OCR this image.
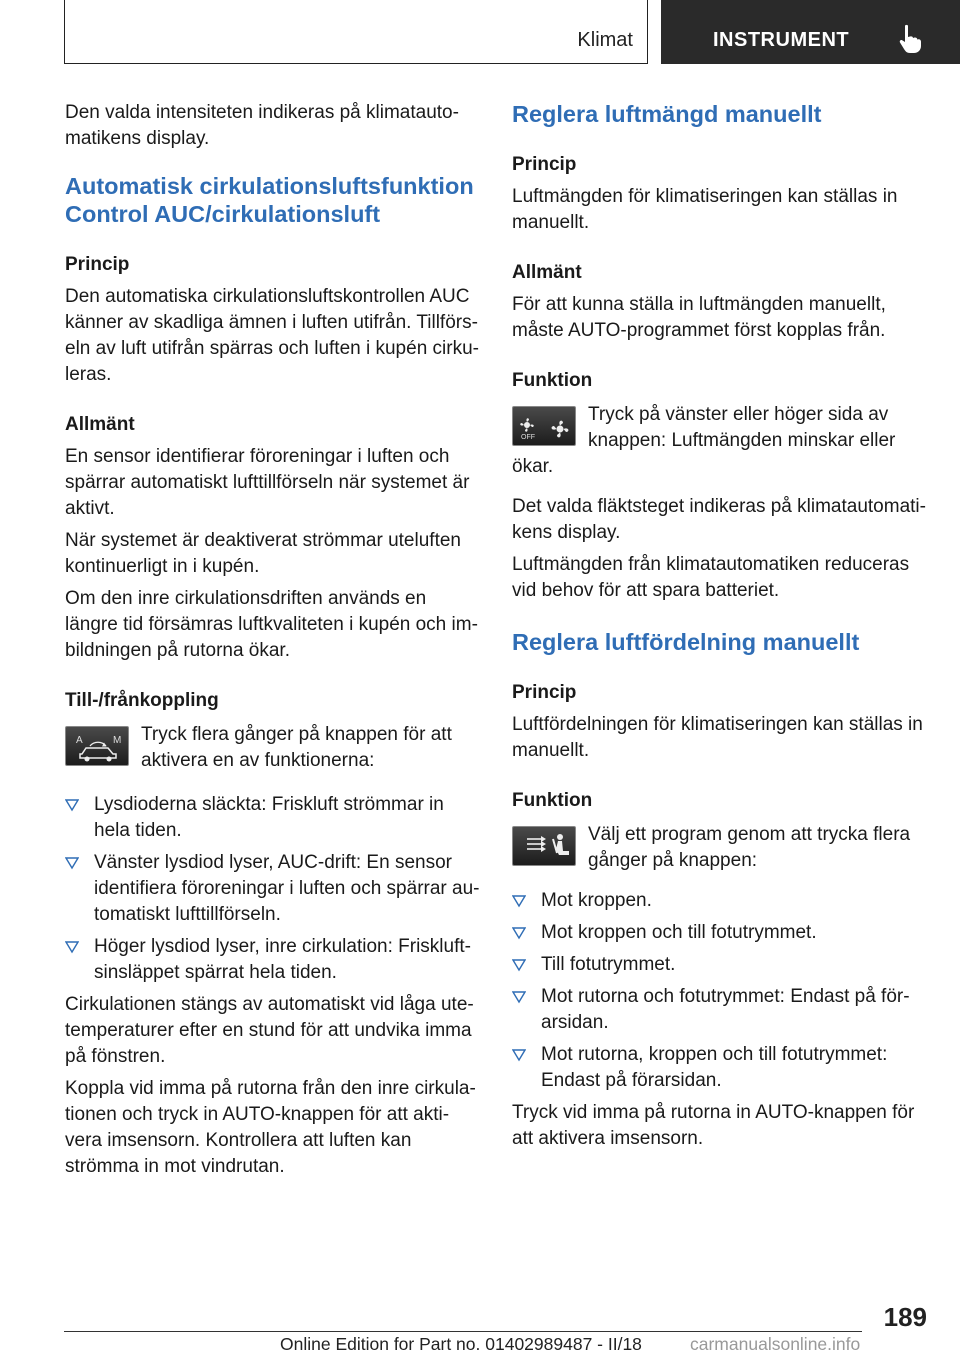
Klimat	INSTRUMENT

Den valda intensiteten indikeras på klimatauto‐matikens display.

Automatisk cirkulationsluftsfunktion Control AUC/cirkulationsluft

Princip

Den automatiska cirkulationsluftskontrollen AUC känner av skadliga ämnen i luften utifrån. Tillförs‐eln av luft utifrån spärras och luften i kupén cirku‐leras.

Allmänt

En sensor identifierar föroreningar i luften och spärrar automatiskt lufttillförseln när systemet är aktivt.

När systemet är deaktiverat strömmar uteluften kontinuerligt in i kupén.

Om den inre cirkulationsdriften används en längre tid försämras luftkvaliteten i kupén och im‐bildningen på rutorna ökar.

Till-/frånkoppling

A	M	Tryck flera gånger på knappen för att aktivera en av funktionerna:

Lysdioderna släckta: Friskluft strömmar in hela tiden.
Vänster lysdiod lyser, AUC-drift: En sensor identifiera föroreningar i luften och spärrar au‐tomatiskt lufttillförseln.
Höger lysdiod lyser, inre cirkulation: Friskluft‐sinsläppet spärrat hela tiden.

Cirkulationen stängs av automatiskt vid låga ute‐temperaturer efter en stund för att undvika imma på fönstren.

Koppla vid imma på rutorna från den inre cirkula‐tionen och tryck in AUTO-knappen för att akti‐vera imsensorn. Kontrollera att luften kan strömma in mot vindrutan.

Reglera luftmängd manuellt

Princip

Luftmängden för klimatiseringen kan ställas in manuellt.

Allmänt

För att kunna ställa in luftmängden manuellt, måste AUTO-programmet först kopplas från.

Funktion

OFF

Tryck på vänster eller höger sida av knappen: Luftmängden minskar eller ökar.

Det valda fläktsteget indikeras på klimatautomati‐kens display.

Luftmängden från klimatautomatiken reduceras vid behov för att spara batteriet.

Reglera luftfördelning manuellt

Princip

Luftfördelningen för klimatiseringen kan ställas in manuellt.

Funktion

Välj ett program genom att trycka flera gånger på knappen:

Mot kroppen.
Mot kroppen och till fotutrymmet.
Till fotutrymmet.
Mot rutorna och fotutrymmet: Endast på för‐arsidan.
Mot rutorna, kroppen och till fotutrymmet: Endast på förarsidan.

Tryck vid imma på rutorna in AUTO-knappen för att aktivera imsensorn.

189
Online Edition for Part no. 01402989487 - II/18	carmanualsonline.info
